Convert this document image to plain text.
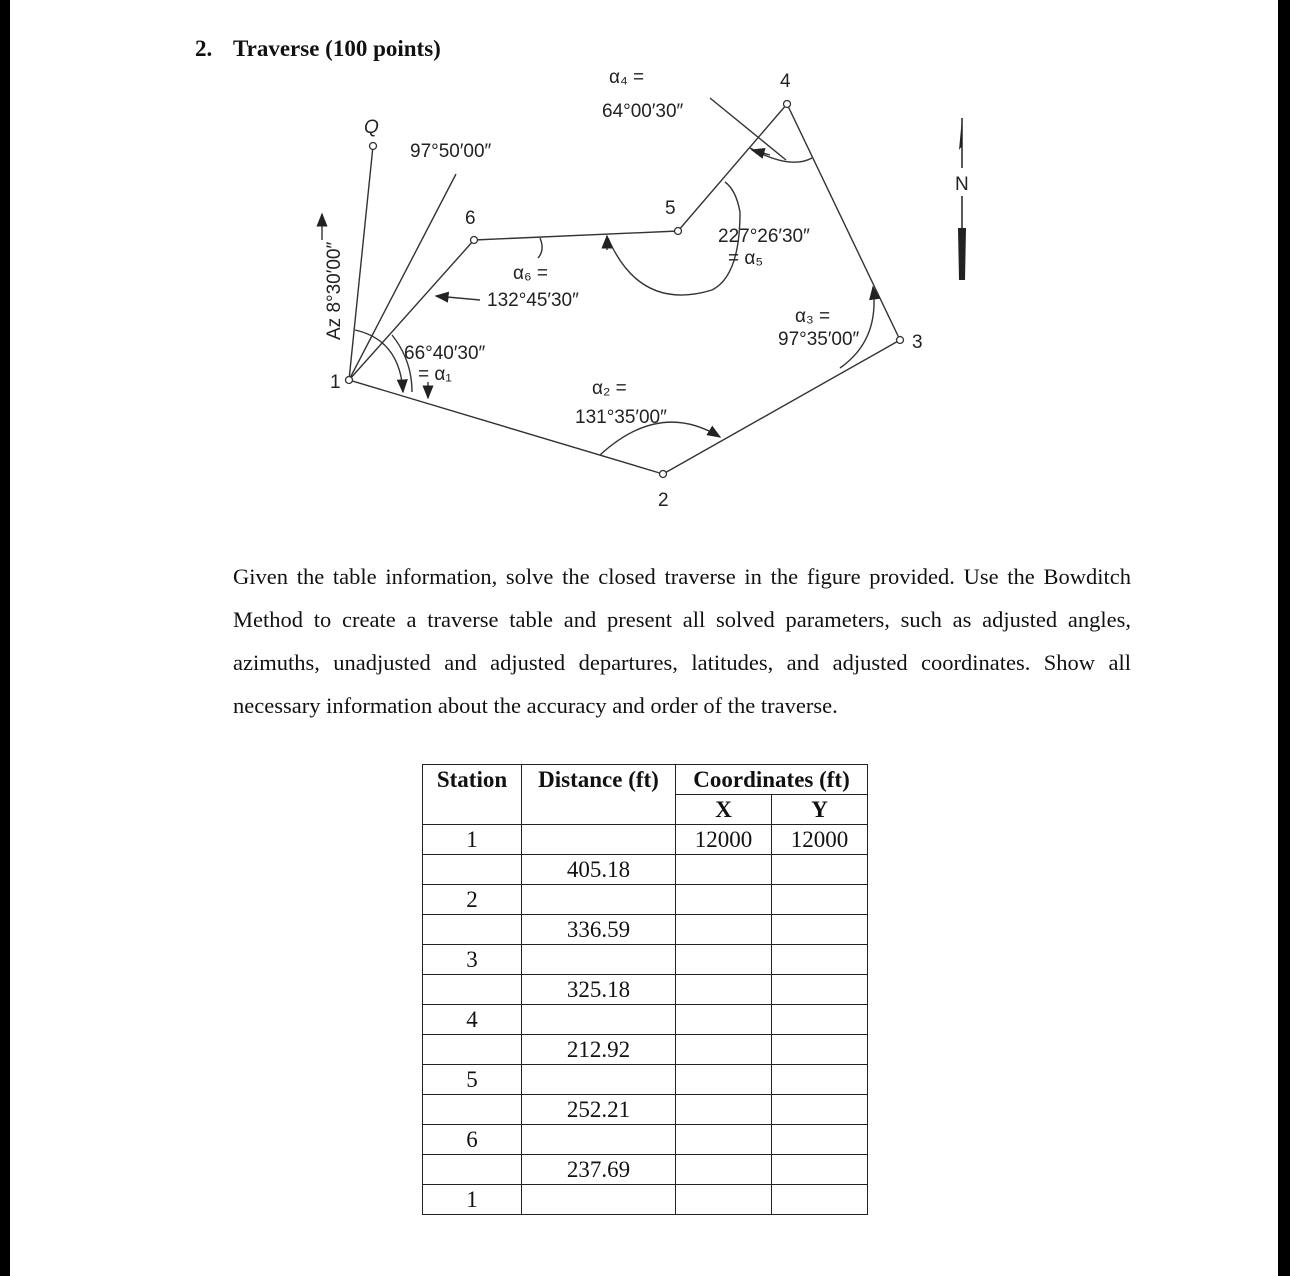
2. Traverse (100 points)
N
Q
1
2
3
4
5
6
Az 8°30′00″
97°50′00″
66°40′30″
= α₁
α₂ =
131°35′00″
α₃ =
97°35′00″
α₄ =
64°00′30″
227°26′30″
= α₅
α₆ =
132°45′30″

Given the table information, solve the closed traverse in the figure provided. Use the Bowditch Method to create a traverse table and present all solved parameters, such as adjusted angles, azimuths, unadjusted and adjusted departures, latitudes, and adjusted coordinates. Show all necessary information about the accuracy and order of the traverse.

Station	Distance (ft)	Coordinates (ft)	
		X	Y
1		12000	12000
	405.18		
2			
	336.59		
3			
	325.18		
4			
	212.92		
5			
	252.21		
6			
	237.69		
1			
